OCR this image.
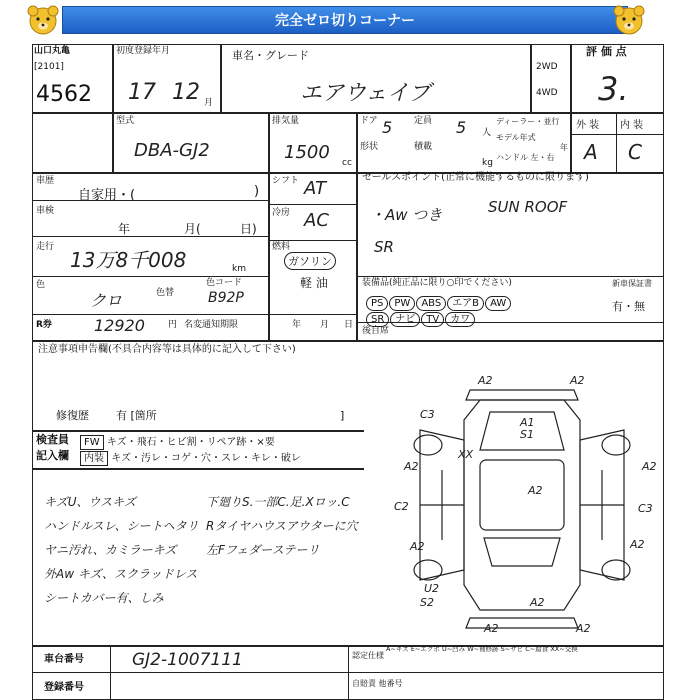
完全ゼロ切りコーナー
山口丸亀
[2101]
4562
初度登録年月
17 12 月
車名・グレード
エアウェイブ
2WD
4WD
評 価 点
3.
型式
DBA-GJ2
排気量
1500 cc
ドア 5 定員 5 人
形状	積載
kg
ディーラー・並行
モデル年式
年
ハンドル 左・右
外 装 内 装
A C
車歴
自家用・(	)
シフト AT
車検
年	月(	日)
冷房 AC
走行
13万8千008	km
燃料
ガソリン
軽 油
色
クロ	色替
色コード
B92P
R券	12920	円 名変通知期限	年 月 日
セールスポイント(正常に機能するものに限ります)
・Aw つき	SUN ROOF
SR
装備品(純正品に限り○印でください)	新車保証書
PS PW ABS エアB AW
SR ナビ TV カワ
有・無
後自席
注意事項申告欄(不具合内容等は具体的に記入して下さい)
修復歴 有 [箇所	]
検査員
記入欄
FW キズ・飛石・ヒビ割・リペア跡・×要
内装 キズ・汚レ・コゲ・穴・スレ・キレ・破レ
キズU、ウスキズ
ハンドルスレ、シートヘタリ
ヤニ汚れ、カミラーキズ
外Aw キズ、スクラッドレス
シートカバー有、しみ
下廻りS.一部C.足.Xロッ.C
Rタイヤハウスアウターに穴
左Fフェダーステーリ
A2	A2
A1
S1
C3
XX
A2	A2
C2
A2
C3
A2
A2
U2
S2	A2
A2	A2
A~キズ E~エクボ U~凹み W~補修跡 S~サビ C~腐食 XX~交換
車台番号	GJ2-1007111
登録番号
認定仕様
自賠責 他番号
